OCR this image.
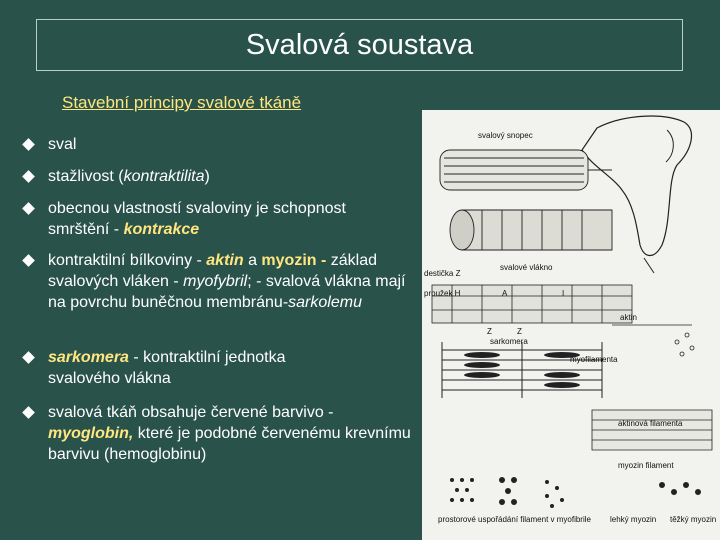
Svalová soustava
Stavební principy svalové tkáně
sval
stažlivost (kontraktilita)
obecnou vlastností svaloviny je schopnost smrštění - kontrakce
kontraktilní bílkoviny - aktin a myozin - základ svalových vláken - myofybril; - svalová vlákna mají na povrchu buněčnou membránu-sarkolemu
sarkomera - kontraktilní jednotka svalového vlákna
svalová tkáň obsahuje červené barvivo - myoglobin, které je podobné červenému krevnímu barvivu (hemoglobinu)
svalový snopec
svalové vlákno
destička Z
proužek H	A	I
Z	Z
sarkomera
aktin
myofilamenta
aktinová filamenta
myozin filament
prostorové uspořádání filament v myofibrile lehký myozin těžký myozin
